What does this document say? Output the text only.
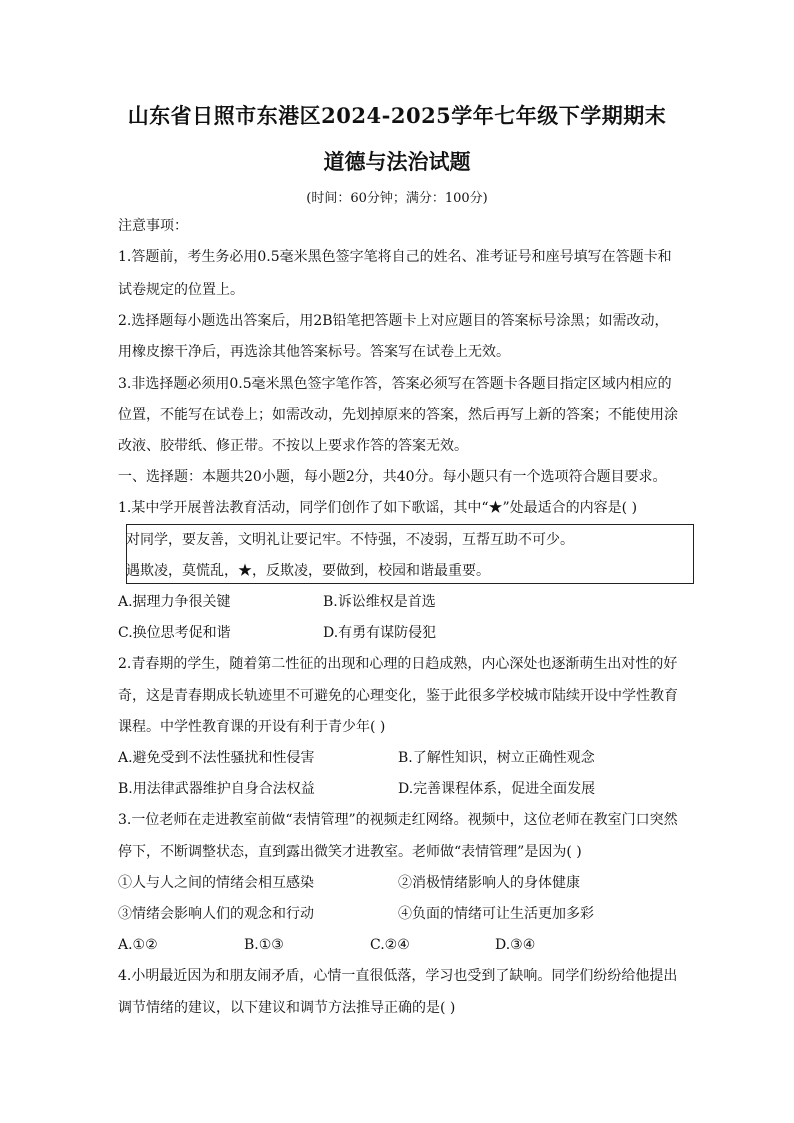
山东省日照市东港区2024-2025学年七年级下学期期末
道德与法治试题
(时间：60分钟；满分：100分)
注意事项：
1.答题前，考生务必用0.5毫米黑色签字笔将自己的姓名、准考证号和座号填写在答题卡和
试卷规定的位置上。
2.选择题每小题选出答案后，用2B铅笔把答题卡上对应题目的答案标号涂黑；如需改动，
用橡皮擦干净后，再选涂其他答案标号。答案写在试卷上无效。
3.非选择题必须用0.5毫米黑色签字笔作答，答案必须写在答题卡各题目指定区域内相应的
位置，不能写在试卷上；如需改动，先划掉原来的答案，然后再写上新的答案；不能使用涂
改液、胶带纸、修正带。不按以上要求作答的答案无效。
一、选择题：本题共20小题，每小题2分，共40分。每小题只有一个选项符合题目要求。
1.某中学开展普法教育活动，同学们创作了如下歌谣，其中“★”处最适合的内容是( )
对同学，要友善，文明礼让要记牢。不恃强，不凌弱，互帮互助不可少。
遇欺凌，莫慌乱，★，反欺凌，要做到，校园和谐最重要。
A.据理力争很关键	B.诉讼维权是首选
C.换位思考促和谐	D.有勇有谋防侵犯
2.青春期的学生，随着第二性征的出现和心理的日趋成熟，内心深处也逐渐萌生出对性的好
奇，这是青春期成长轨迹里不可避免的心理变化，鉴于此很多学校城市陆续开设中学性教育
课程。中学性教育课的开设有利于青少年( )
A.避免受到不法性骚扰和性侵害	B.了解性知识，树立正确性观念
B.用法律武器维护自身合法权益	D.完善课程体系，促进全面发展
3.一位老师在走进教室前做“表情管理”的视频走红网络。视频中，这位老师在教室门口突然
停下，不断调整状态，直到露出微笑才进教室。老师做“表情管理”是因为( )
①人与人之间的情绪会相互感染	②消极情绪影响人的身体健康
③情绪会影响人们的观念和行动	④负面的情绪可让生活更加多彩
A.①②	B.①③	C.②④	D.③④
4.小明最近因为和朋友闹矛盾，心情一直很低落，学习也受到了缺响。同学们纷纷给他提出
调节情绪的建议，以下建议和调节方法推导正确的是( )
